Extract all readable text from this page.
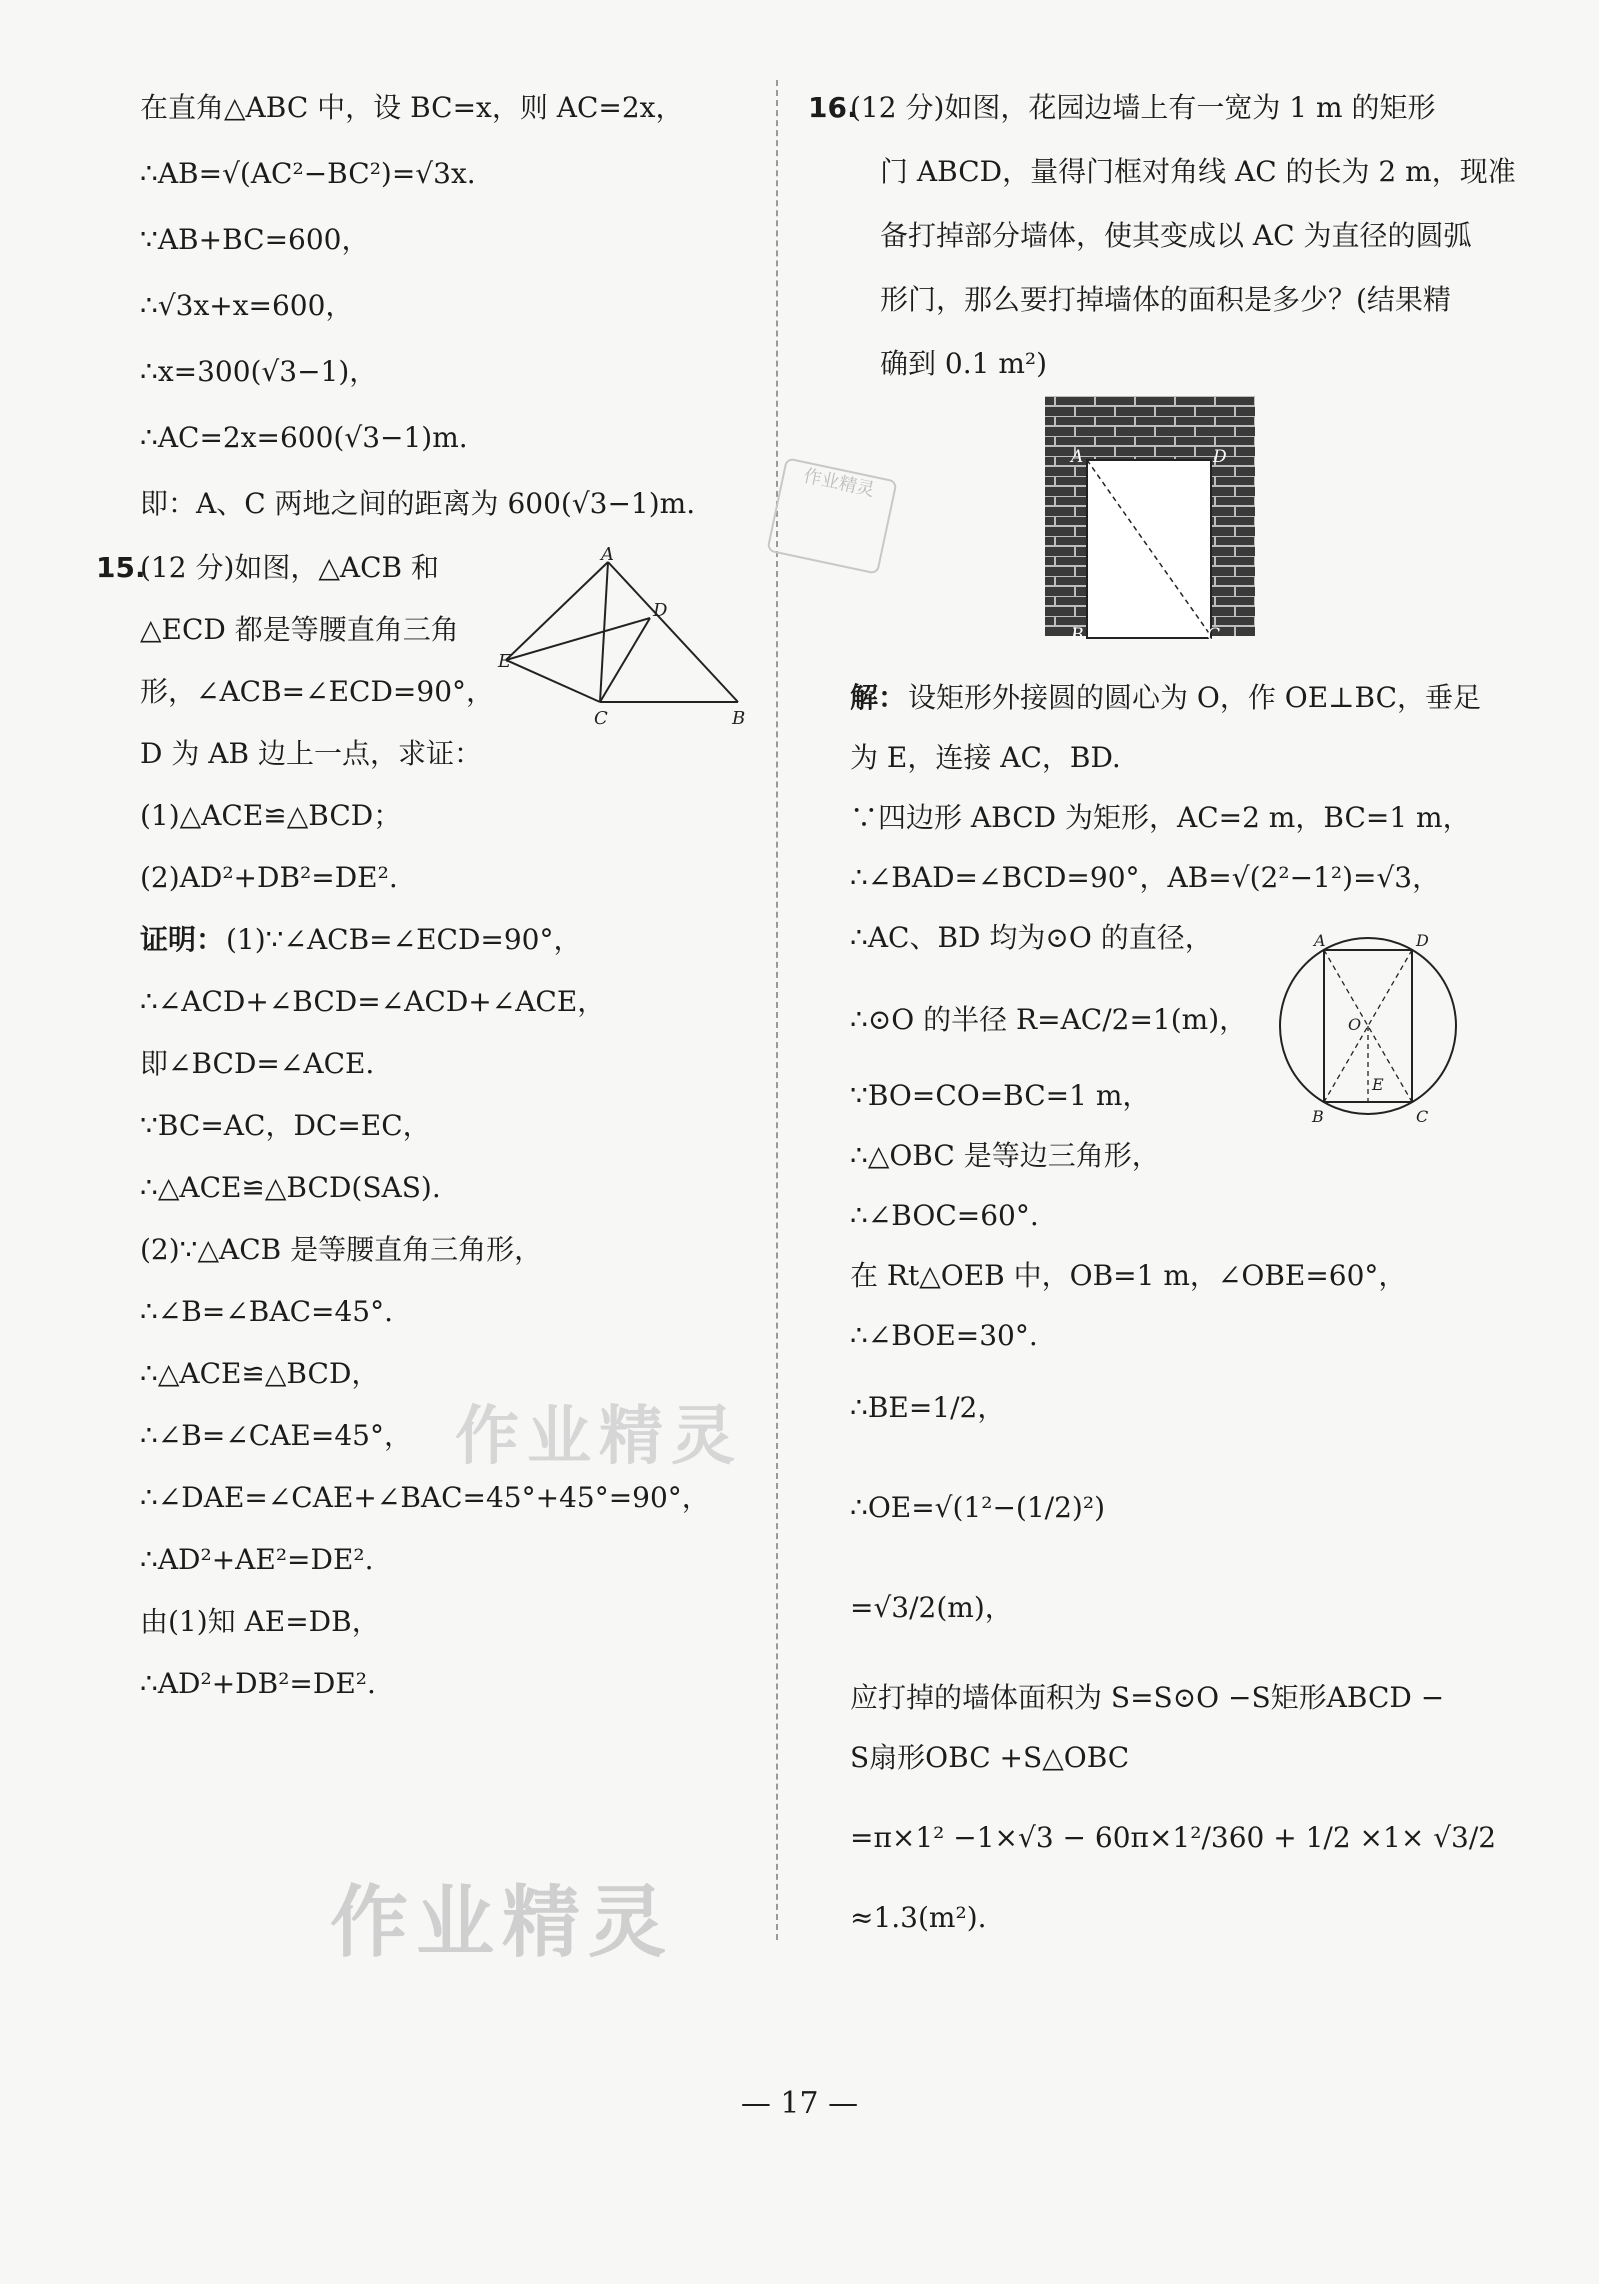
在直角△ABC 中，设 BC=x，则 AC=2x，
∴AB=√(AC²−BC²)=√3x.
∵AB+BC=600，
∴√3x+x=600，
∴x=300(√3−1)，
∴AC=2x=600(√3−1)m.
即：A、C 两地之间的距离为 600(√3−1)m.
15.
(12 分)如图，△ACB 和
△ECD 都是等腰直角三角
形，∠ACB=∠ECD=90°，
D 为 AB 边上一点，求证：
(1)△ACE≌△BCD；
(2)AD²+DB²=DE².
证明： (1)∵∠ACB=∠ECD=90°，
∴∠ACD+∠BCD=∠ACD+∠ACE，
即∠BCD=∠ACE.
∵BC=AC，DC=EC，
∴△ACE≌△BCD(SAS).
(2)∵△ACB 是等腰直角三角形，
∴∠B=∠BAC=45°.
∴△ACE≌△BCD，
∴∠B=∠CAE=45°，
∴∠DAE=∠CAE+∠BAC=45°+45°=90°，
∴AD²+AE²=DE².
由(1)知 AE=DB，
∴AD²+DB²=DE².
A
D
E
C	B
16.
(12 分)如图，花园边墙上有一宽为 1 m 的矩形
门 ABCD，量得门框对角线 AC 的长为 2 m，现准
备打掉部分墙体，使其变成以 AC 为直径的圆弧
形门，那么要打掉墙体的面积是多少？(结果精
确到 0.1 m²)
解： 设矩形外接圆的圆心为 O，作 OE⊥BC，垂足
为 E，连接 AC，BD.
∵四边形 ABCD 为矩形，AC=2 m，BC=1 m，
∴∠BAD=∠BCD=90°，AB=√(2²−1²)=√3，
∴AC、BD 均为⊙O 的直径，
∴⊙O 的半径 R=AC/2=1(m)，
∵BO=CO=BC=1 m，
∴△OBC 是等边三角形，
∴∠BOC=60°.
在 Rt△OEB 中，OB=1 m，∠OBE=60°，
∴∠BOE=30°.
∴BE=1/2，
∴OE=√(1²−(1/2)²)
=√3/2(m)，
应打掉的墙体面积为 S=S⊙O −S矩形ABCD −
S扇形OBC +S△OBC
=π×1² −1×√3 − 60π×1²/360 + 1/2 ×1× √3/2
≈1.3(m²).
A	D
B	C
A	D
O
E
B	C
作业精灵
作业精灵
作业精灵
— 17 —
